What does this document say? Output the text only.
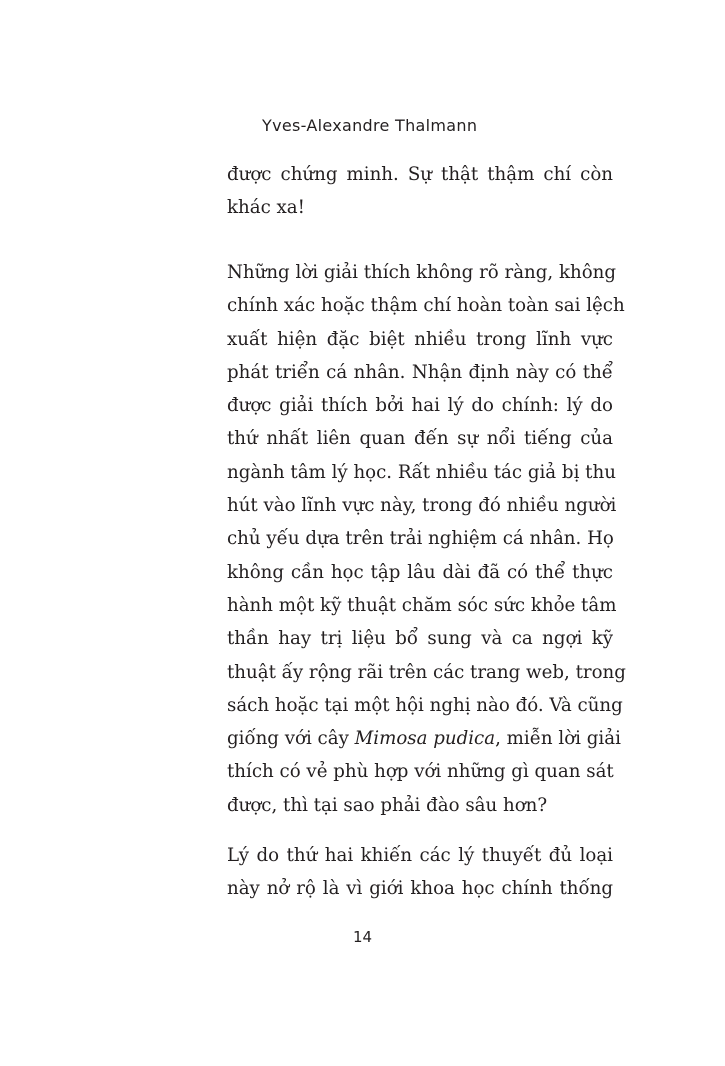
Yves-Alexandre Thalmann
được chứng minh. Sự thật thậm chí còn
khác xa!
Những lời giải thích không rõ ràng, không
chính xác hoặc thậm chí hoàn toàn sai lệch
xuất hiện đặc biệt nhiều trong lĩnh vực
phát triển cá nhân. Nhận định này có thể
được giải thích bởi hai lý do chính: lý do
thứ nhất liên quan đến sự nổi tiếng của
ngành tâm lý học. Rất nhiều tác giả bị thu
hút vào lĩnh vực này, trong đó nhiều người
chủ yếu dựa trên trải nghiệm cá nhân. Họ
không cần học tập lâu dài đã có thể thực
hành một kỹ thuật chăm sóc sức khỏe tâm
thần hay trị liệu bổ sung và ca ngợi kỹ
thuật ấy rộng rãi trên các trang web, trong
sách hoặc tại một hội nghị nào đó. Và cũng
giống với cây Mimosa pudica, miễn lời giải
thích có vẻ phù hợp với những gì quan sát
được, thì tại sao phải đào sâu hơn?
Lý do thứ hai khiến các lý thuyết đủ loại
này nở rộ là vì giới khoa học chính thống
14
